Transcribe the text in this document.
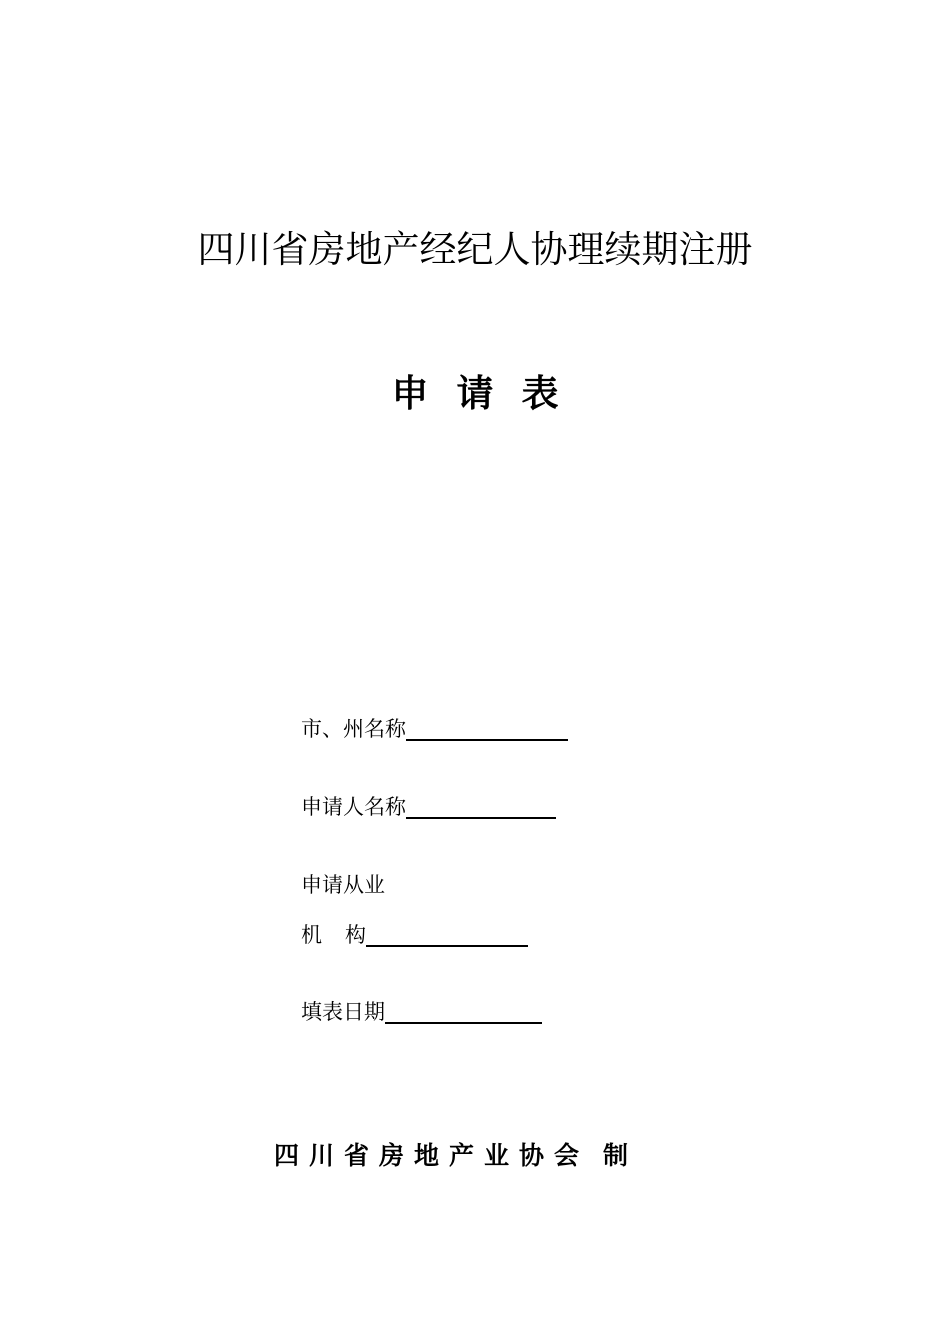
四川省房地产经纪人协理续期注册
申请表
市、州名称
申请人名称
申请从业
机构
填表日期
四川省房地产业协会 制
